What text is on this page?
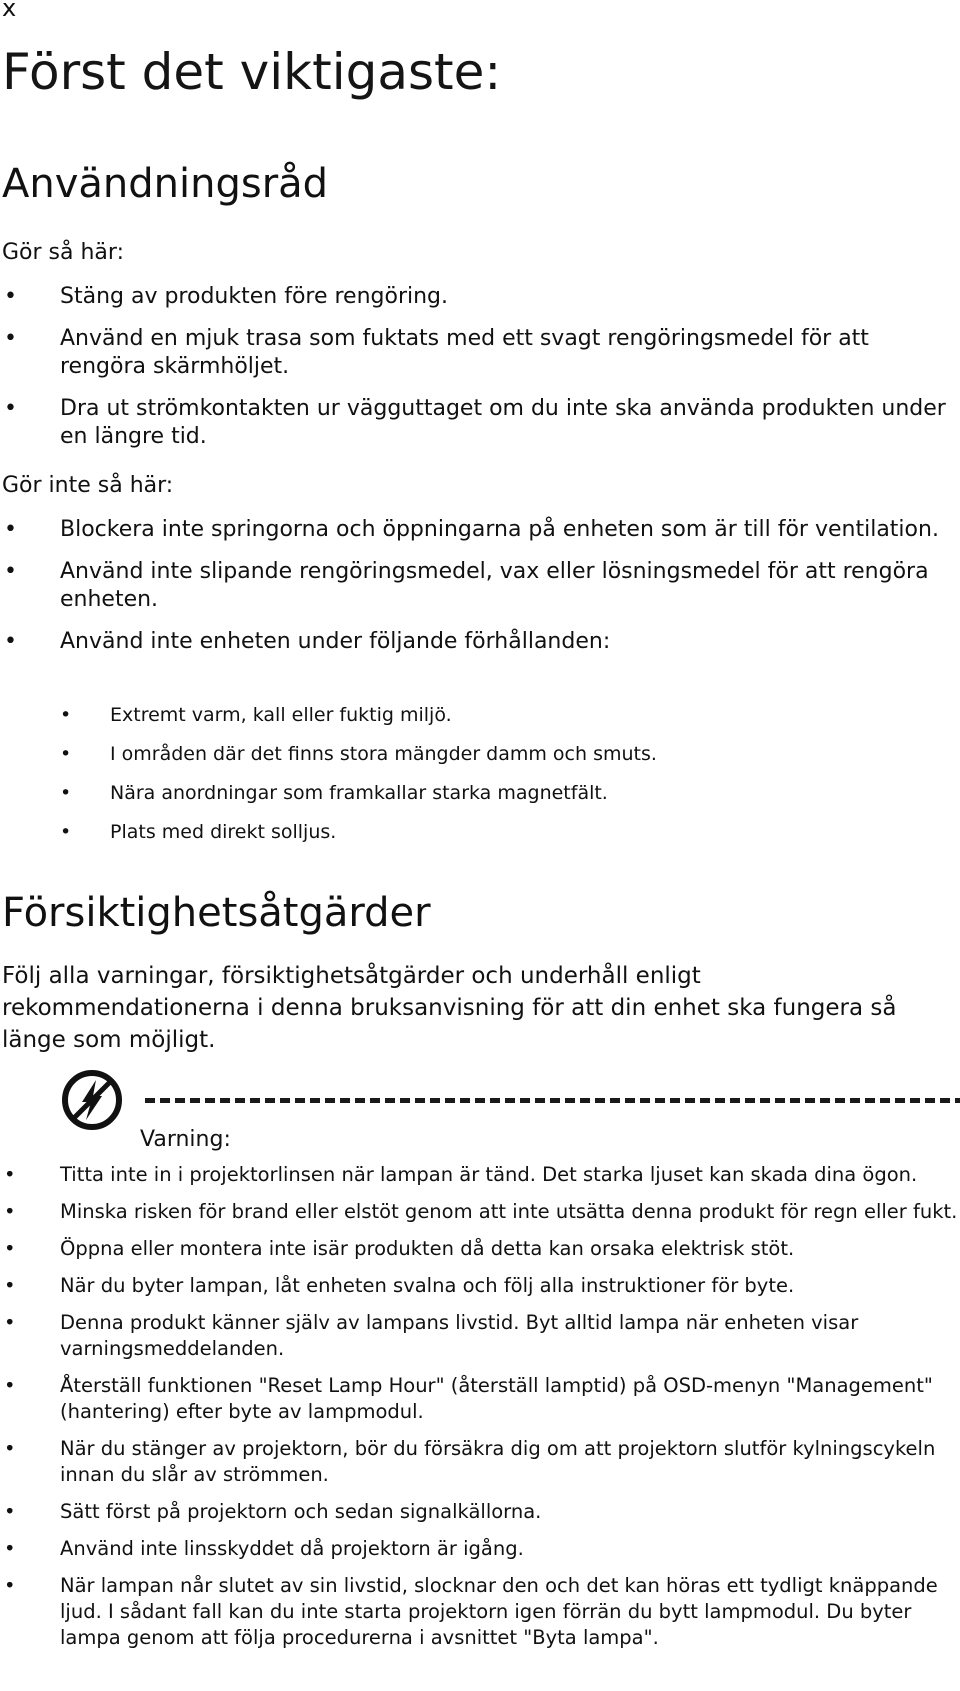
x
Först det viktigaste:
Användningsråd
Gör så här:
• Stäng av produkten före rengöring.
• Använd en mjuk trasa som fuktats med ett svagt rengöringsmedel för att rengöra skärmhöljet.
• Dra ut strömkontakten ur vägguttaget om du inte ska använda produkten under en längre tid.
Gör inte så här:
• Blockera inte springorna och öppningarna på enheten som är till för ventilation.
• Använd inte slipande rengöringsmedel, vax eller lösningsmedel för att rengöra enheten.
• Använd inte enheten under följande förhållanden:
• Extremt varm, kall eller fuktig miljö.
• I områden där det finns stora mängder damm och smuts.
• Nära anordningar som framkallar starka magnetfält.
• Plats med direkt solljus.
Försiktighetsåtgärder

Följ alla varningar, försiktighetsåtgärder och underhåll enligt rekommendationerna i denna bruksanvisning för att din enhet ska fungera så länge som möjligt.

Varning:
• Titta inte in i projektorlinsen när lampan är tänd. Det starka ljuset kan skada dina ögon.
• Minska risken för brand eller elstöt genom att inte utsätta denna produkt för regn eller fukt.
• Öppna eller montera inte isär produkten då detta kan orsaka elektrisk stöt.
• När du byter lampan, låt enheten svalna och följ alla instruktioner för byte.
• Denna produkt känner själv av lampans livstid. Byt alltid lampa när enheten visar varningsmeddelanden.
• Återställ funktionen "Reset Lamp Hour" (återställ lamptid) på OSD-menyn "Management" (hantering) efter byte av lampmodul.
• När du stänger av projektorn, bör du försäkra dig om att projektorn slutför kylningscykeln innan du slår av strömmen.
• Sätt först på projektorn och sedan signalkällorna.
• Använd inte linsskyddet då projektorn är igång.
• När lampan når slutet av sin livstid, slocknar den och det kan höras ett tydligt knäppande ljud. I sådant fall kan du inte starta projektorn igen förrän du bytt lampmodul. Du byter lampa genom att följa procedurerna i avsnittet "Byta lampa".
